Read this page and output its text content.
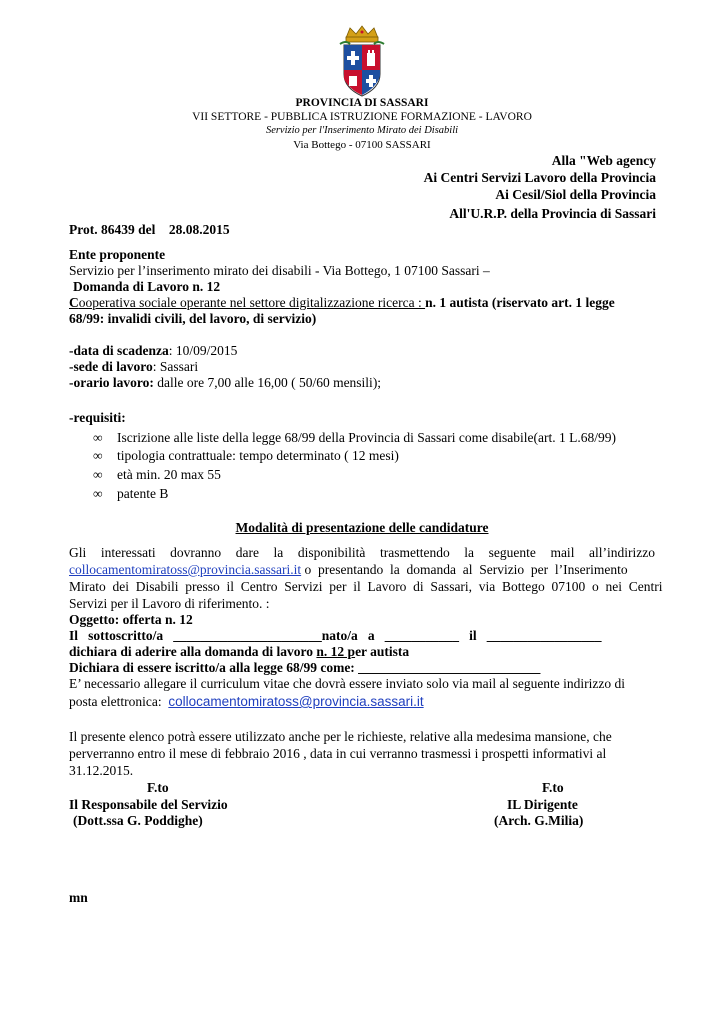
PROVINCIA DI SASSARI
VII SETTORE - PUBBLICA ISTRUZIONE FORMAZIONE - LAVORO
Servizio per l'Inserimento Mirato dei Disabili
Via Bottego - 07100 SASSARI
Alla "Web agency
Ai Centri Servizi Lavoro della Provincia
Ai Cesil/Siol della Provincia
All'U.R.P. della Provincia di Sassari
Prot. 86439 del    28.08.2015
Ente proponente
Servizio per l’inserimento mirato dei disabili - Via Bottego, 1 07100 Sassari –
Domanda di Lavoro n. 12
Cooperativa sociale operante nel settore digitalizzazione ricerca : n. 1 autista (riservato art. 1 legge
68/99: invalidi civili, del lavoro, di servizio)
-data di scadenza: 10/09/2015
-sede di lavoro: Sassari
-orario lavoro: dalle ore 7,00 alle 16,00 ( 50/60 mensili);
-requisiti:
∞ Iscrizione alle liste della legge 68/99 della Provincia di Sassari come disabile(art. 1 L.68/99)
∞ tipologia contrattuale: tempo determinato ( 12 mesi)
∞ età min. 20 max 55
∞ patente B
Modalità di presentazione delle candidature
Gli  interessati  dovranno  dare  la  disponibilità  trasmettendo  la  seguente  mail  all’indirizzo
collocamentomiratoss@provincia.sassari.it o  presentando  la  domanda  al  Servizio  per  l’Inserimento
Mirato  dei  Disabili  presso  il  Centro  Servizi  per  il  Lavoro  di  Sassari,  via  Bottego  07100  o  nei  Centri
Servizi per il Lavoro di riferimento. :
Oggetto: offerta n. 12
Il   sottoscritto/a   ______________________nato/a   a   ___________   il   _________________
dichiara di aderire alla domanda di lavoro n. 12 per autista
Dichiara di essere iscritto/a alla legge 68/99 come: ___________________________
E’ necessario allegare il curriculum vitae che dovrà essere inviato solo via mail al seguente indirizzo di
posta elettronica:  collocamentomiratoss@provincia.sassari.it
Il presente elenco potrà essere utilizzato anche per le richieste, relative alla medesima mansione, che
perverranno entro il mese di febbraio 2016 , data in cui verranno trasmessi i prospetti informativi al
31.12.2015.
F.to
Il Responsabile del Servizio
(Dott.ssa G. Poddighe)
F.to
IL Dirigente
(Arch. G.Milia)
mn
